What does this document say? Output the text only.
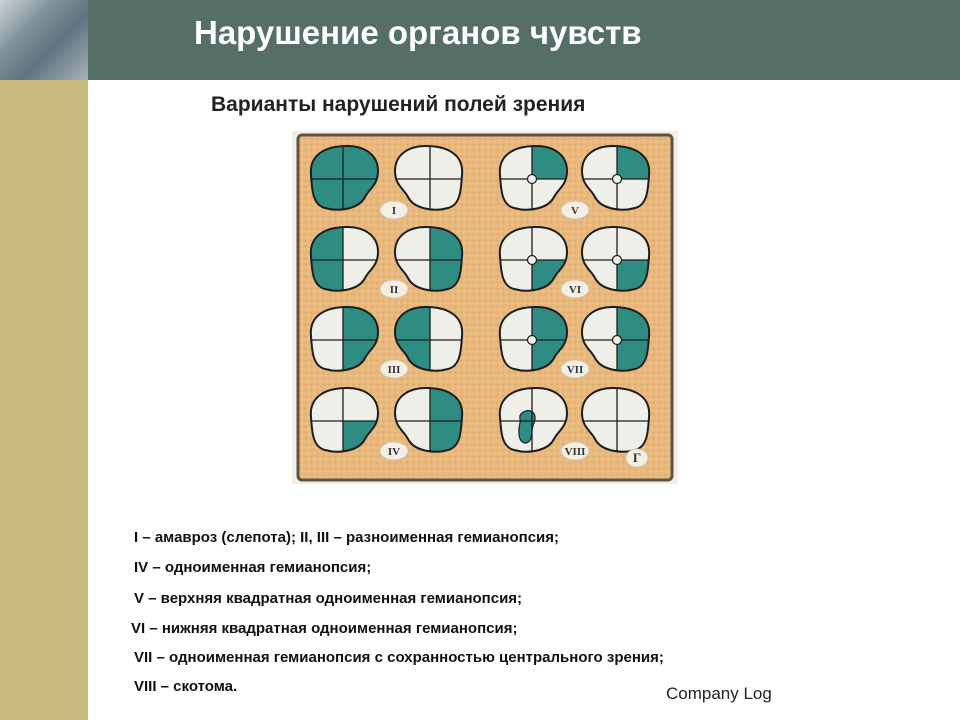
Нарушение органов чувств
Варианты нарушений полей зрения
I
II
III
IV
V
VI
VII
VIII	Г
I – амавроз (слепота); II, III – разноименная гемианопсия;
IV – одноименная гемианопсия;
V – верхняя квадратная одноименная гемианопсия;
VI – нижняя квадратная одноименная гемианопсия;
VII – одноименная гемианопсия с сохранностью центрального зрения;
VIII – скотома.	Company Log
